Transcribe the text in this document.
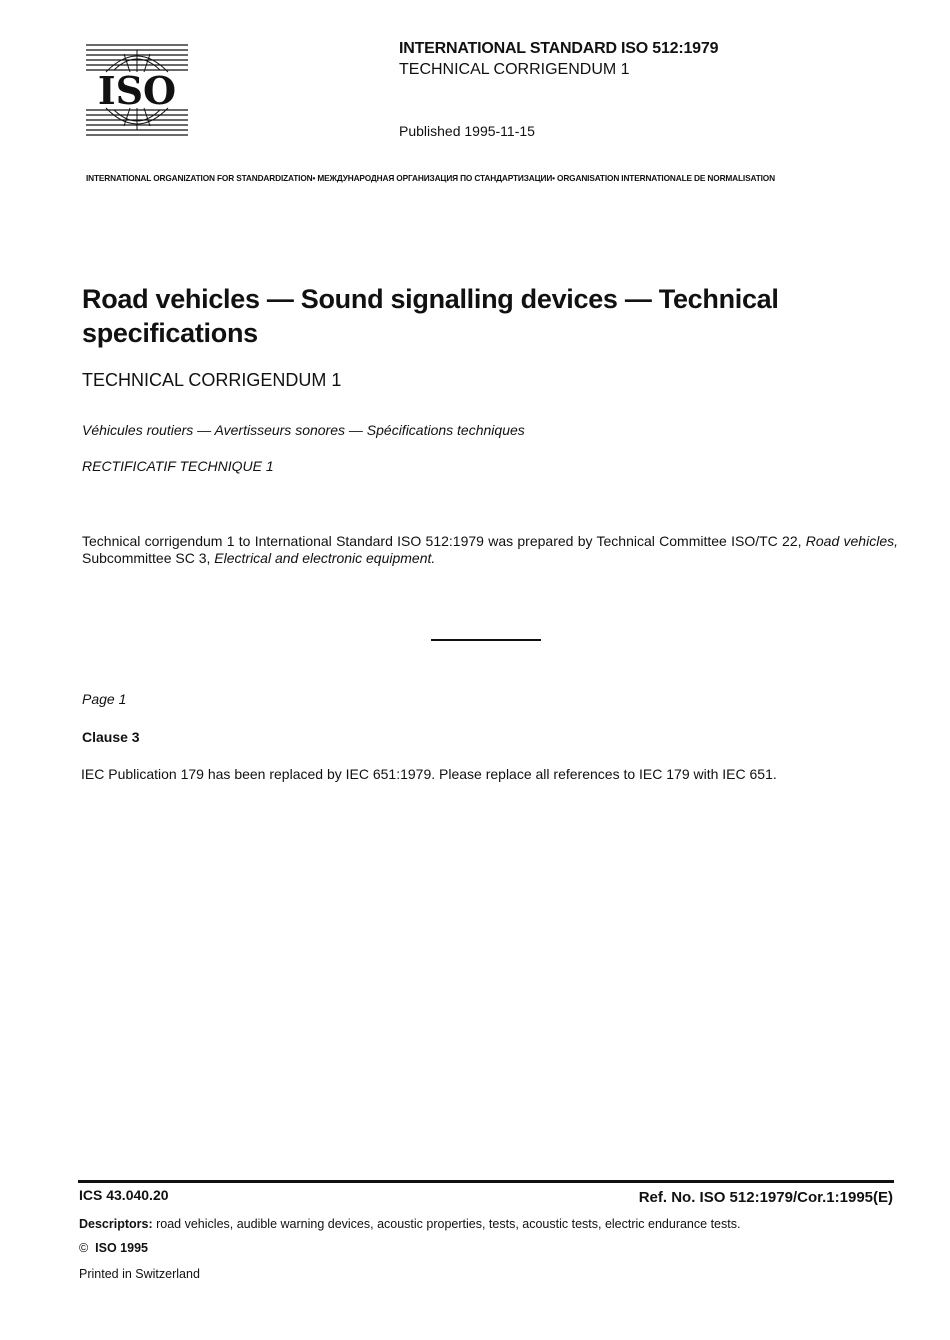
ISO
INTERNATIONAL STANDARD ISO 512:1979
TECHNICAL CORRIGENDUM 1
Published 1995-11-15
INTERNATIONAL ORGANIZATION FOR STANDARDIZATION• МЕЖДУНАРОДНАЯ ОРГАНИЗАЦИЯ ПО СТАНДАРТИЗАЦИИ• ORGANISATION INTERNATIONALE DE NORMALISATION
Road vehicles — Sound signalling devices — Technical specifications
TECHNICAL CORRIGENDUM 1
Véhicules routiers — Avertisseurs sonores — Spécifications techniques
RECTIFICATIF TECHNIQUE 1
Technical corrigendum 1 to International Standard ISO 512:1979 was prepared by Technical Committee ISO/TC 22, Road vehicles, Subcommittee SC 3, Electrical and electronic equipment.
Page 1
Clause 3
IEC Publication 179 has been replaced by IEC 651:1979. Please replace all references to IEC 179 with IEC 651.
ICS 43.040.20	Ref. No. ISO 512:1979/Cor.1:1995(E)
Descriptors: road vehicles, audible warning devices, acoustic properties, tests, acoustic tests, electric endurance tests.
© ISO 1995
Printed in Switzerland
